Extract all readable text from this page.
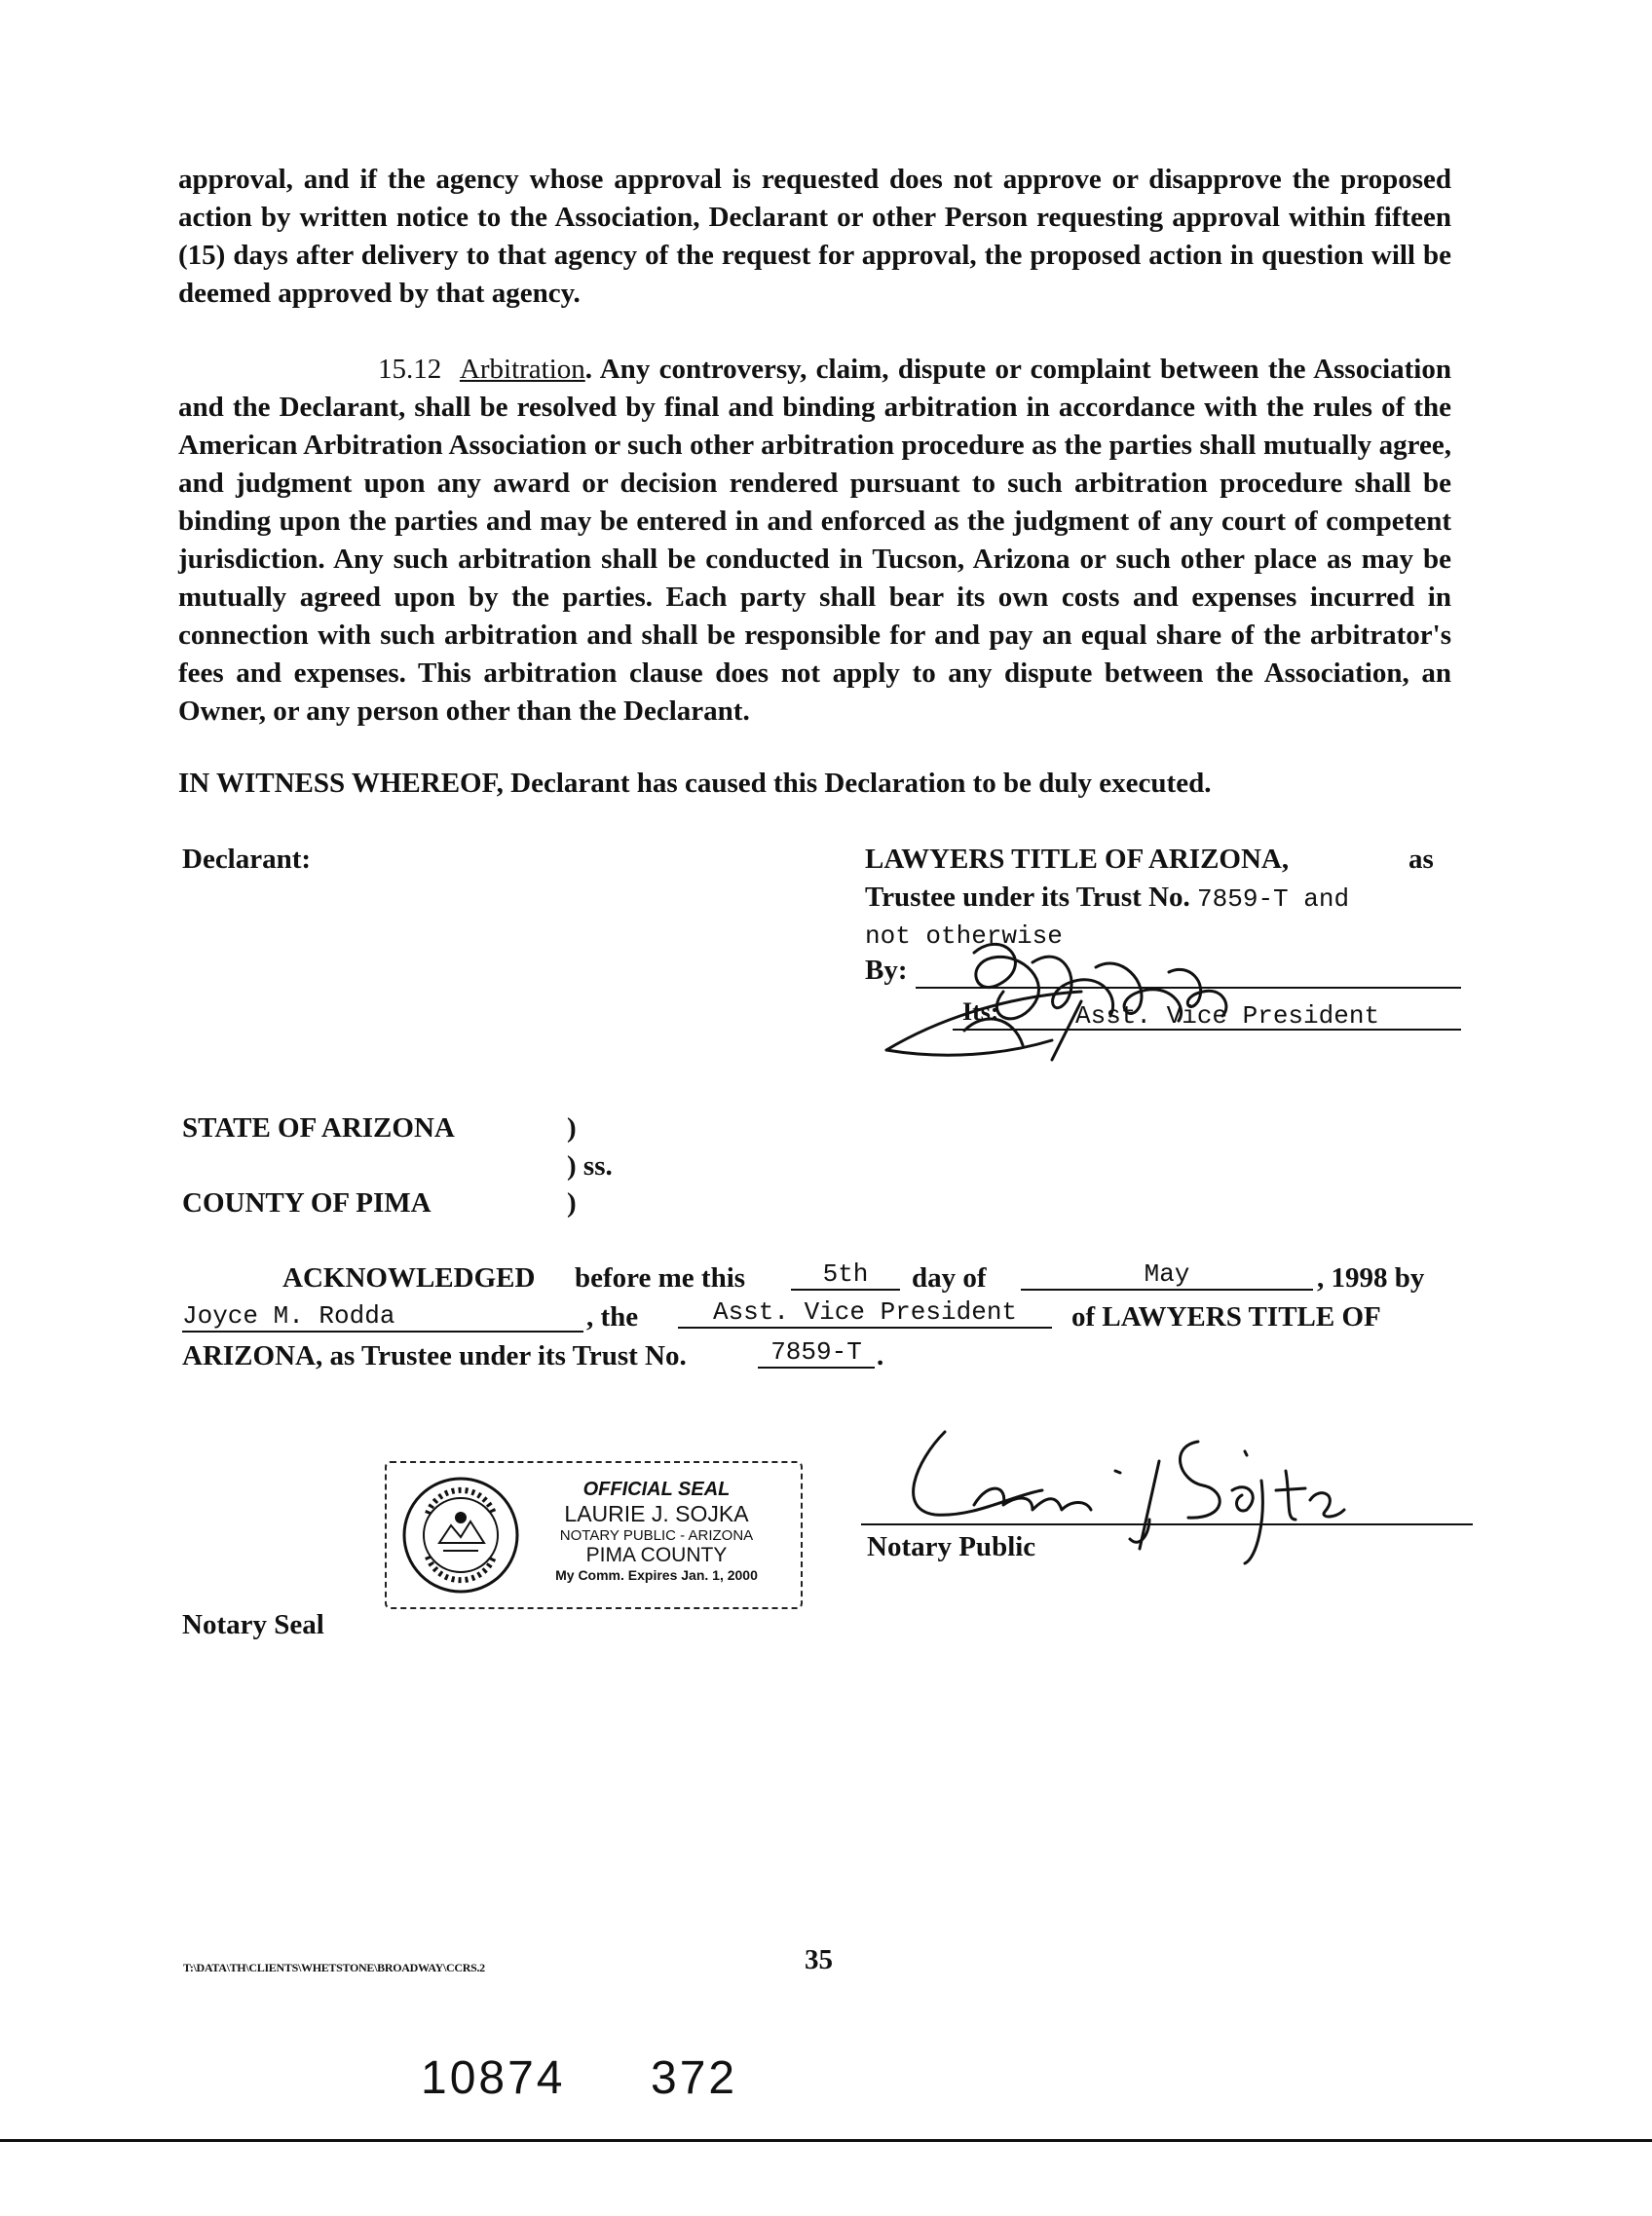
approval, and if the agency whose approval is requested does not approve or disapprove the proposed action by written notice to the Association, Declarant or other Person requesting approval within fifteen (15) days after delivery to that agency of the request for approval, the proposed action in question will be deemed approved by that agency.

15.12 Arbitration. Any controversy, claim, dispute or complaint between the Association and the Declarant, shall be resolved by final and binding arbitration in accordance with the rules of the American Arbitration Association or such other arbitration procedure as the parties shall mutually agree, and judgment upon any award or decision rendered pursuant to such arbitration procedure shall be binding upon the parties and may be entered in and enforced as the judgment of any court of competent jurisdiction. Any such arbitration shall be conducted in Tucson, Arizona or such other place as may be mutually agreed upon by the parties. Each party shall bear its own costs and expenses incurred in connection with such arbitration and shall be responsible for and pay an equal share of the arbitrator's fees and expenses. This arbitration clause does not apply to any dispute between the Association, an Owner, or any person other than the Declarant.

IN WITNESS WHEREOF, Declarant has caused this Declaration to be duly executed.

Declarant:	LAWYERS TITLE OF ARIZONA,	as
Trustee under its Trust No. 7859-T and
not otherwise
By:
Its:	Asst. Vice President
STATE OF ARIZONA	)
) ss.
COUNTY OF PIMA	)
ACKNOWLEDGED before me this	5th	day of	May	, 1998 by
Joyce M. Rodda	, the	Asst. Vice President	of LAWYERS TITLE OF
ARIZONA, as Trustee under its Trust No.	7859-T .
OFFICIAL SEAL
LAURIE J. SOJKA
NOTARY PUBLIC - ARIZONA
PIMA COUNTY
My Comm. Expires Jan. 1, 2000
Notary Public
Notary Seal
T:\DATA\TH\CLIENTS\WHETSTONE\BROADWAY\CCRS.2	35
10874 372
